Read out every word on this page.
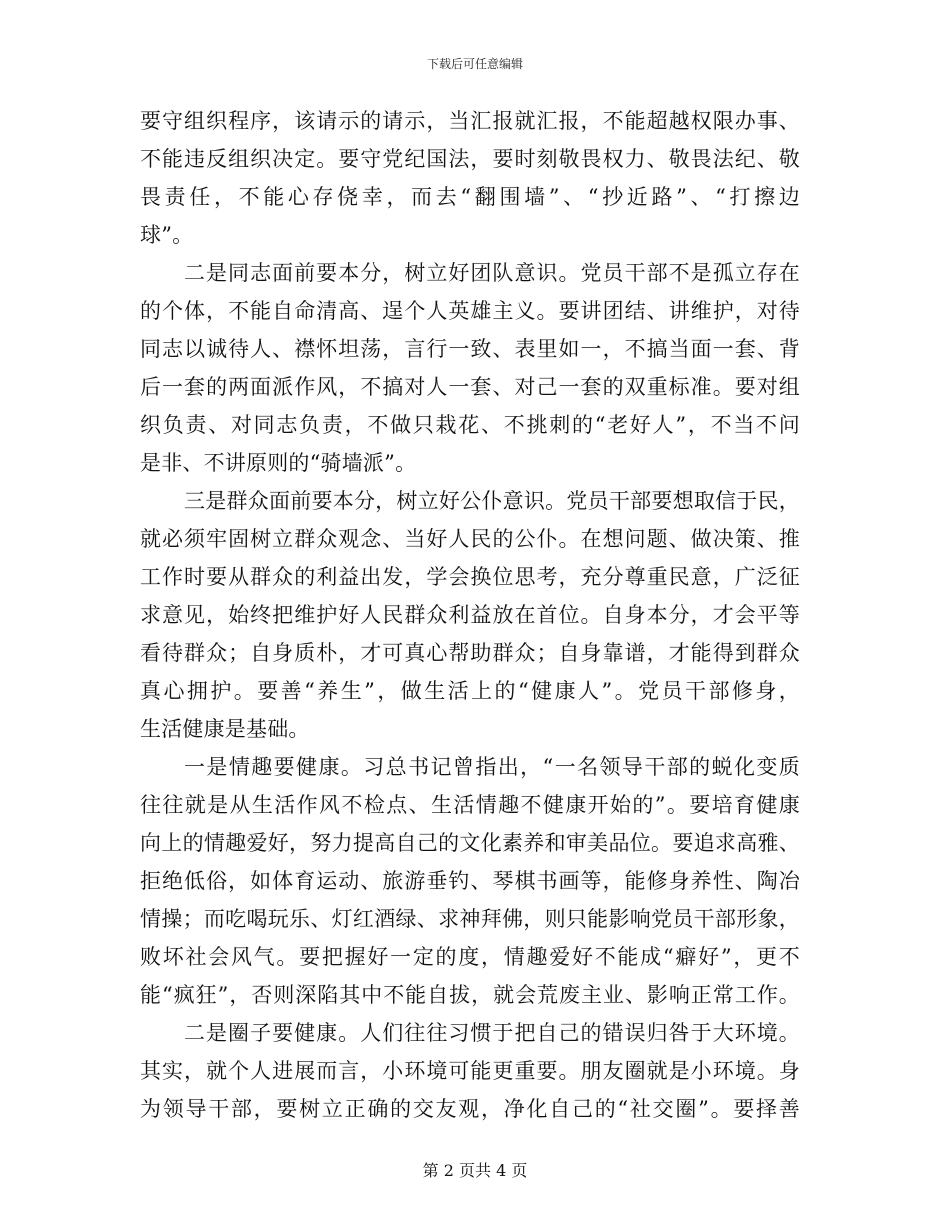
下载后可任意编辑
要守组织程序，该请示的请示，当汇报就汇报，不能超越权限办事、
不能违反组织决定。要守党纪国法，要时刻敬畏权力、敬畏法纪、敬
畏责任，不能心存侥幸，而去“翻围墙”、“抄近路”、“打擦边
球”。
二是同志面前要本分，树立好团队意识。党员干部不是孤立存在
的个体，不能自命清高、逞个人英雄主义。要讲团结、讲维护，对待
同志以诚待人、襟怀坦荡，言行一致、表里如一，不搞当面一套、背
后一套的两面派作风，不搞对人一套、对己一套的双重标准。要对组
织负责、对同志负责，不做只栽花、不挑刺的“老好人”，不当不问
是非、不讲原则的“骑墙派”。
三是群众面前要本分，树立好公仆意识。党员干部要想取信于民，
就必须牢固树立群众观念、当好人民的公仆。在想问题、做决策、推
工作时要从群众的利益出发，学会换位思考，充分尊重民意，广泛征
求意见，始终把维护好人民群众利益放在首位。自身本分，才会平等
看待群众；自身质朴，才可真心帮助群众；自身靠谱，才能得到群众
真心拥护。要善“养生”，做生活上的“健康人”。党员干部修身，
生活健康是基础。
一是情趣要健康。习总书记曾指出，“一名领导干部的蜕化变质
往往就是从生活作风不检点、生活情趣不健康开始的”。要培育健康
向上的情趣爱好，努力提高自己的文化素养和审美品位。要追求高雅、
拒绝低俗，如体育运动、旅游垂钓、琴棋书画等，能修身养性、陶冶
情操；而吃喝玩乐、灯红酒绿、求神拜佛，则只能影响党员干部形象，
败坏社会风气。要把握好一定的度，情趣爱好不能成“癖好”，更不
能“疯狂”，否则深陷其中不能自拔，就会荒废主业、影响正常工作。
二是圈子要健康。人们往往习惯于把自己的错误归咎于大环境。
其实，就个人进展而言，小环境可能更重要。朋友圈就是小环境。身
为领导干部，要树立正确的交友观，净化自己的“社交圈”。要择善
第 2 页共 4 页
